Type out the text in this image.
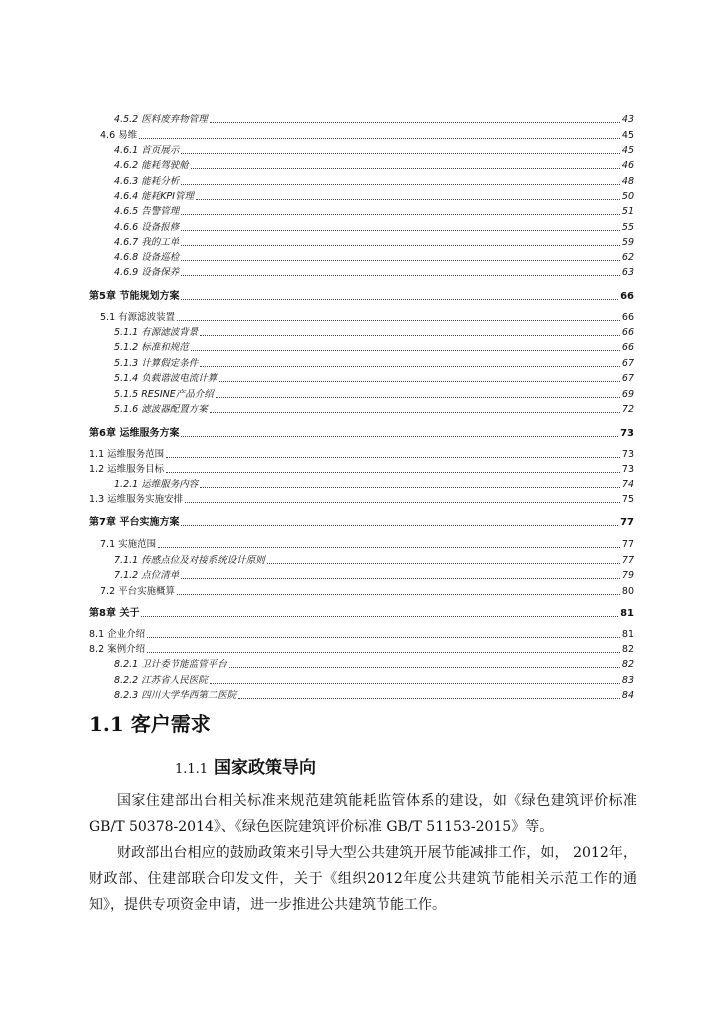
4.5.2 医料废弃物管理	43
4.6 易维	45
4.6.1 首页展示	45
4.6.2 能耗驾驶舱	46
4.6.3 能耗分析	48
4.6.4 能耗KPI管理	50
4.6.5 告警管理	51
4.6.6 设备报修	55
4.6.7 我的工单	59
4.6.8 设备巡检	62
4.6.9 设备保养	63
第5章 节能规划方案	66
5.1 有源滤波装置	66
5.1.1 有源滤波背景	66
5.1.2 标准和规范	66
5.1.3 计算假定条件	67
5.1.4 负载谐波电流计算	67
5.1.5 RESINE产品介绍	69
5.1.6 滤波器配置方案	72
第6章 运维服务方案	73
1.1 运维服务范围	73
1.2 运维服务目标	73
1.2.1 运维服务内容	74
1.3 运维服务实施安排	75
第7章 平台实施方案	77
7.1 实施范围	77
7.1.1 传感点位及对接系统设计原则	77
7.1.2 点位清单	79
7.2 平台实施概算	80
第8章 关于	81
8.1 企业介绍	81
8.2 案例介绍	82
8.2.1 卫计委节能监管平台	82
8.2.2 江苏省人民医院	83
8.2.3 四川大学华西第二医院	84
1.1 客户需求
1.1.1 国家政策导向
国家住建部出台相关标准来规范建筑能耗监管体系的建设，如《绿色建筑评价标准GB/T 50378-2014》、《绿色医院建筑评价标准 GB/T 51153-2015》等。
财政部出台相应的鼓励政策来引导大型公共建筑开展节能减排工作，如， 2012年，财政部、住建部联合印发文件，关于《组织2012年度公共建筑节能相关示范工作的通知》，提供专项资金申请，进一步推进公共建筑节能工作。
